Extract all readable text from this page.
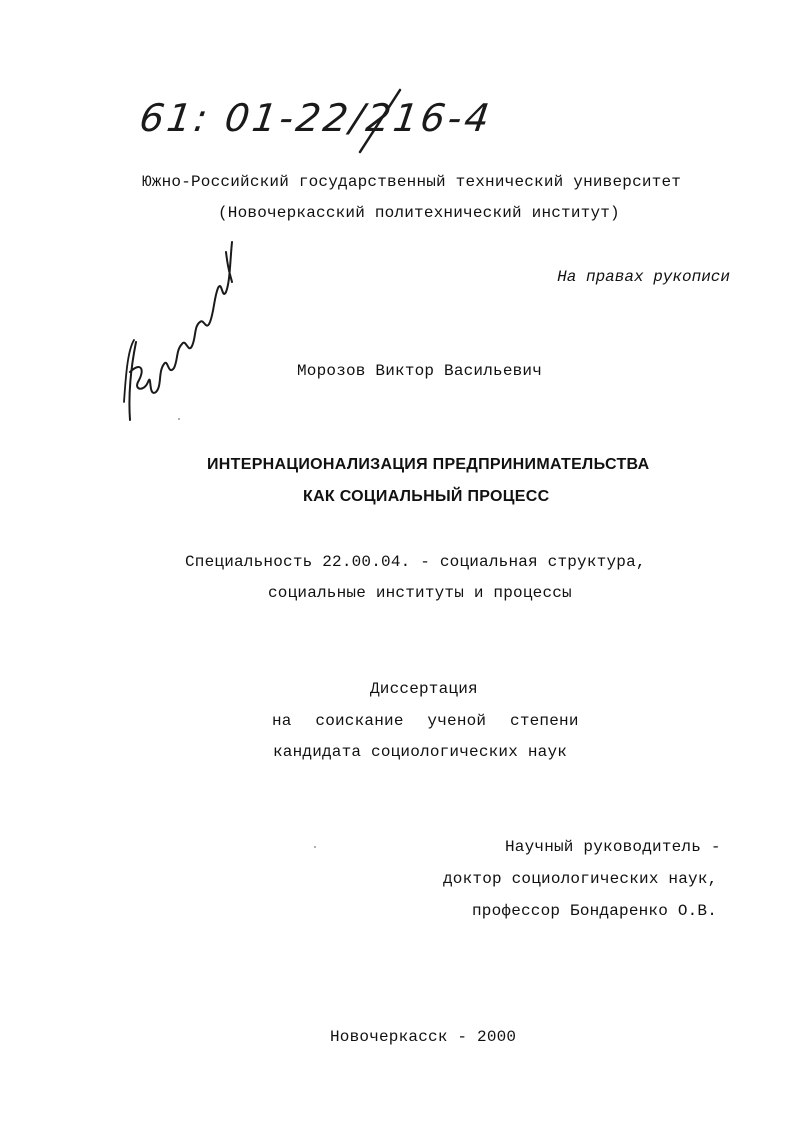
61: 01-22/216-4
Южно-Российский государственный технический университет
(Новочеркасский политехнический институт)
На правах рукописи
Морозов Виктор Васильевич
ИНТЕРНАЦИОНАЛИЗАЦИЯ ПРЕДПРИНИМАТЕЛЬСТВА
КАК СОЦИАЛЬНЫЙ ПРОЦЕСС
Специальность 22.00.04. - социальная структура,
социальные институты и процессы
Диссертация
на соискание ученой степени
кандидата социологических наук
Научный руководитель -
доктор социологических наук,
профессор Бондаренко О.В.
Новочеркасск - 2000
